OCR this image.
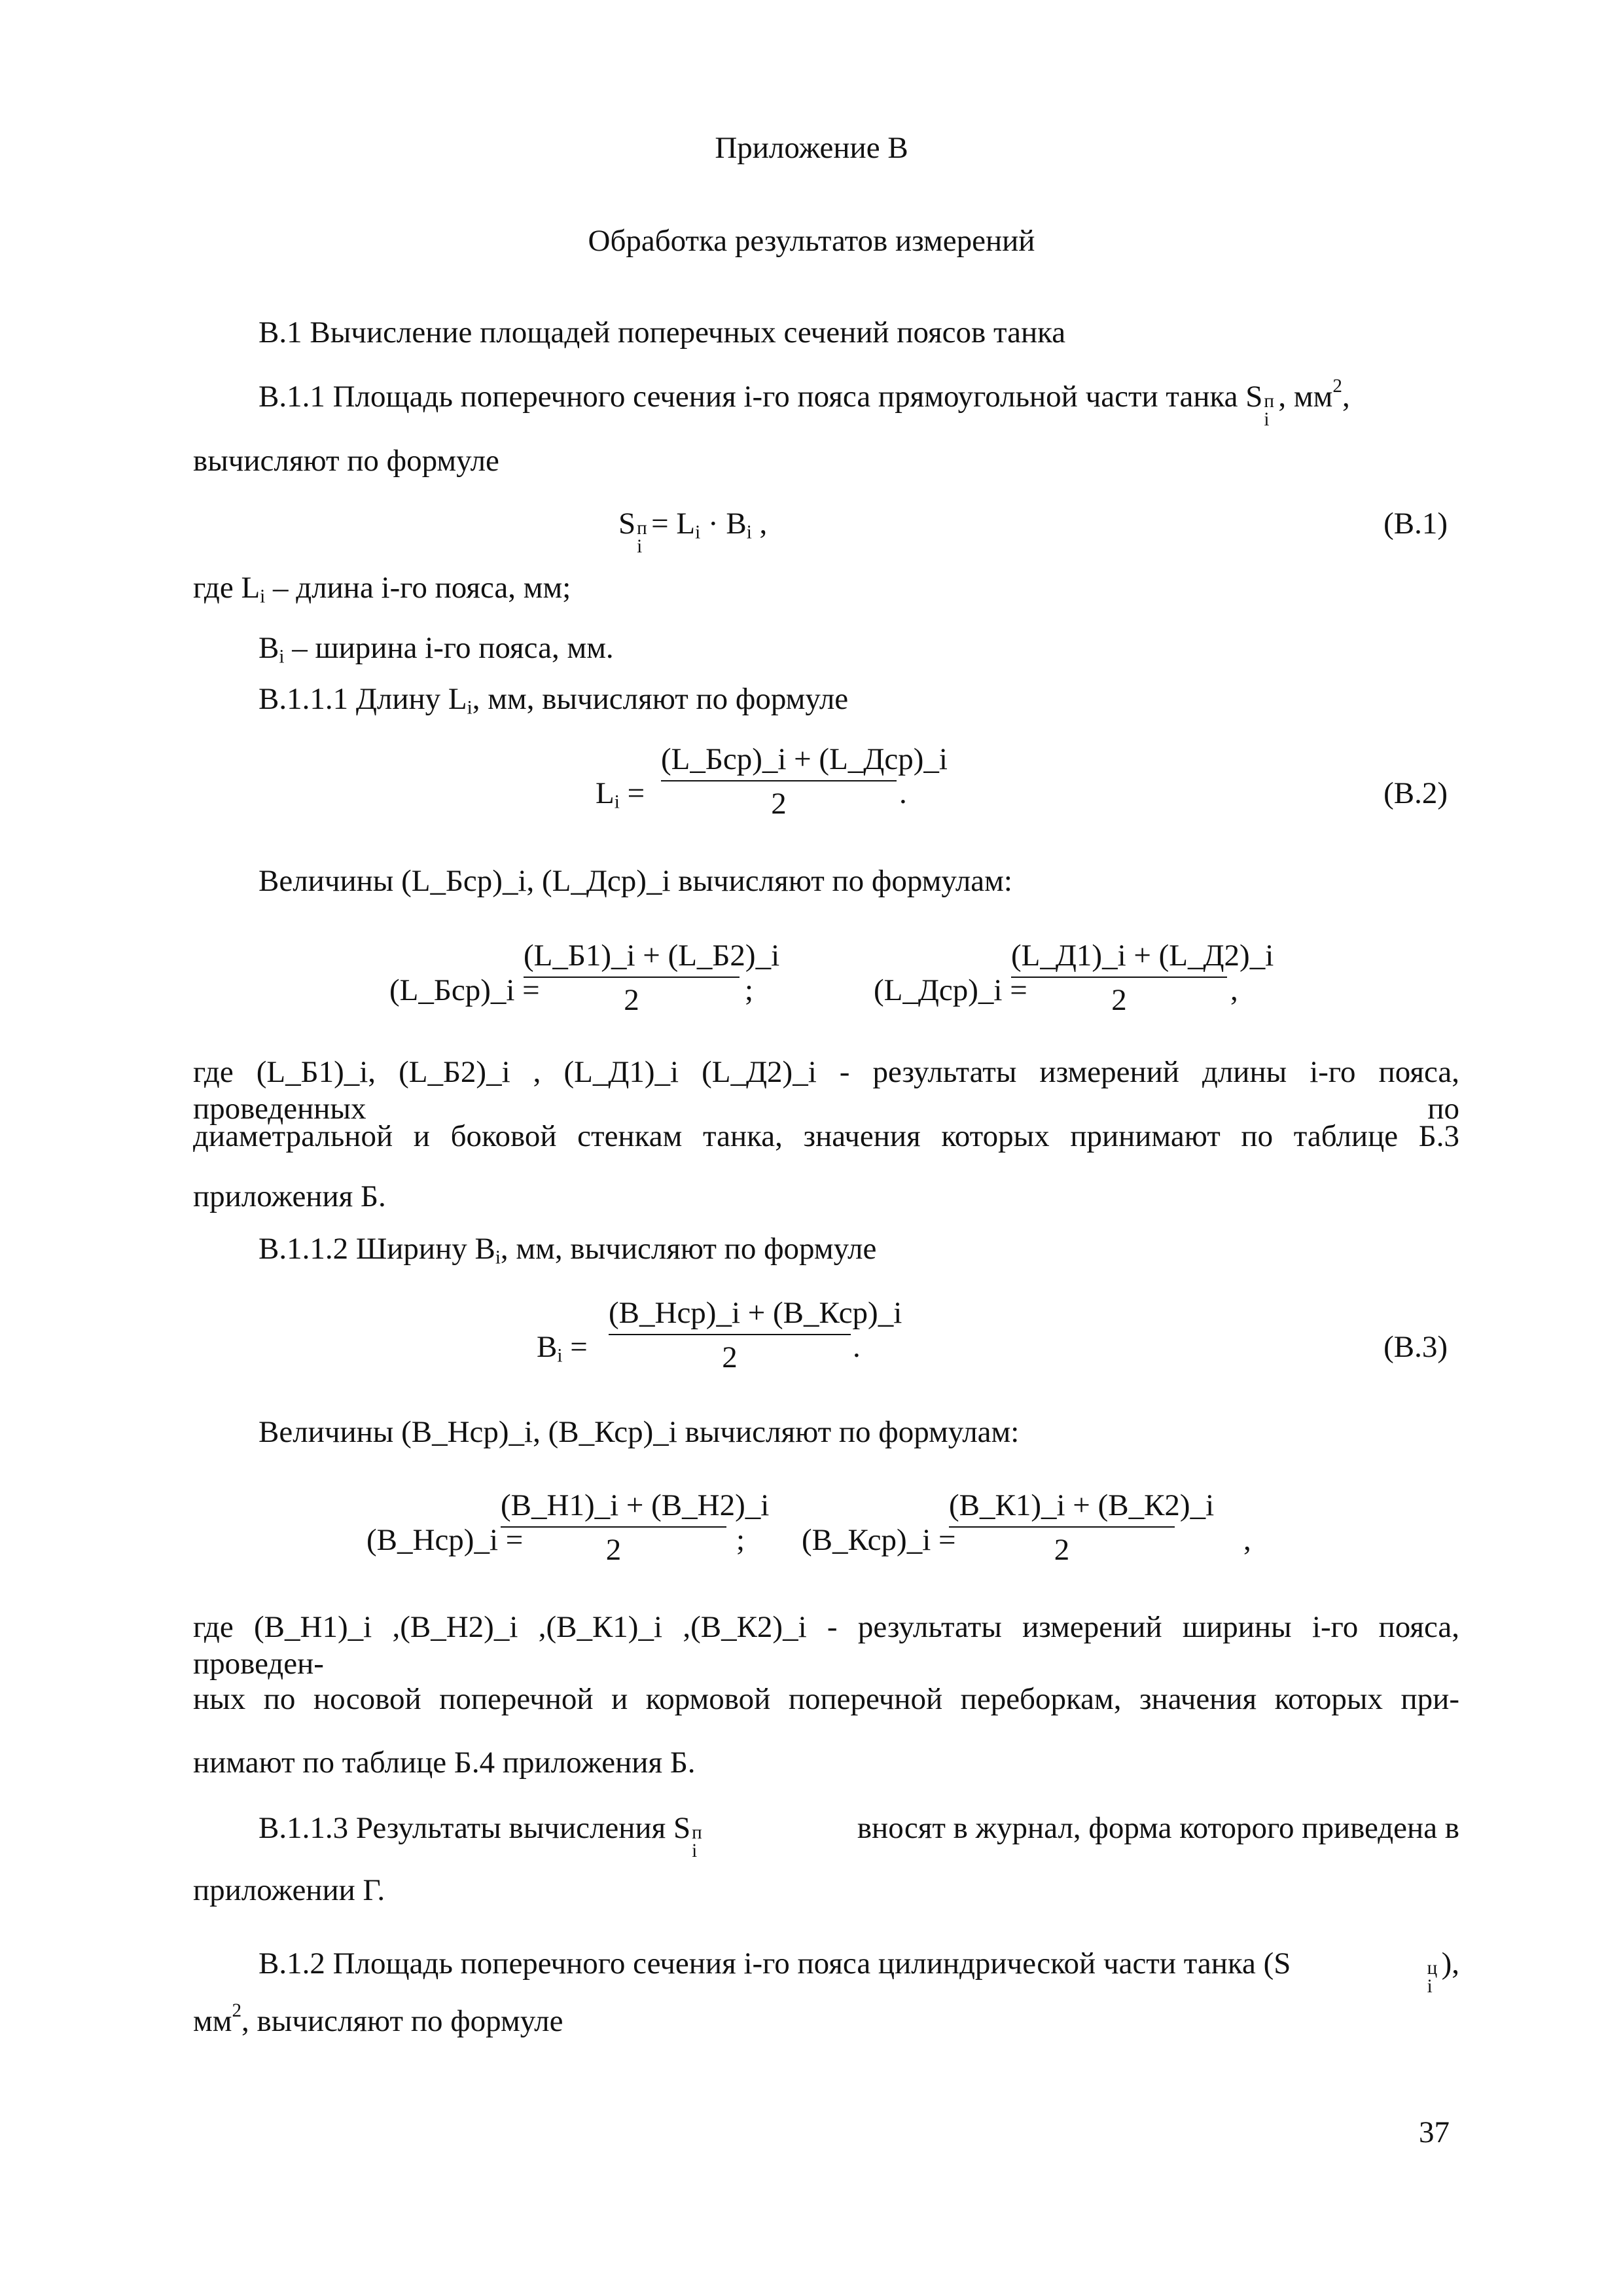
Приложение В
Обработка результатов измерений
В.1 Вычисление площадей поперечных сечений поясов танка
В.1.1 Площадь поперечного сечения i-го пояса прямоугольной части танка S п
i
, $мм^2$,
вычисляют по формуле
S п
i
= $L_i \cdot B_i$ ,	(В.1)
где $L_i$ – длина i-го пояса, мм;
$B_i$ – ширина i-го пояса, мм.
В.1.1.1 Длину $L_i$, мм, вычисляют по формуле
$L_i$ =
(L_Бср)_i + (L_Дср)_i
2	.	(В.2)
Величины (L_Бср)_i, (L_Дср)_i вычисляют по формулам:
(L_Бср)_i =
(L_Б1)_i + (L_Б2)_i
2	;	(L_Дср)_i =
(L_Д1)_i + (L_Д2)_i
2	,
где (L_Б1)_i, (L_Б2)_i , (L_Д1)_i (L_Д2)_i - результаты измерений длины i-го пояса, проведенных по
диаметральной и боковой стенкам танка, значения которых принимают по таблице Б.3
приложения Б.
В.1.1.2 Ширину $B_i$, мм, вычисляют по формуле
$B_i$ =
(B_Нср)_i + (B_Кср)_i
2	.	(В.3)
Величины (B_Нср)_i, (B_Кср)_i вычисляют по формулам:
(B_Нср)_i =
(B_Н1)_i + (B_Н2)_i
2	; (B_Кср)_i =
(B_К1)_i + (B_К2)_i
2	,
где (B_Н1)_i ,(B_Н2)_i ,(B_К1)_i ,(B_К2)_i - результаты измерений ширины i-го пояса, проведен-
ных по носовой поперечной и кормовой поперечной переборкам, значения которых при-
нимают по таблице Б.4 приложения Б.
В.1.1.3 Результаты вычисления S п
i
вносят в журнал, форма которого приведена в
приложении Г.
В.1.2 Площадь поперечного сечения i-го пояса цилиндрической части танка (S	ц
i
),
$мм^2$, вычисляют по формуле
37
